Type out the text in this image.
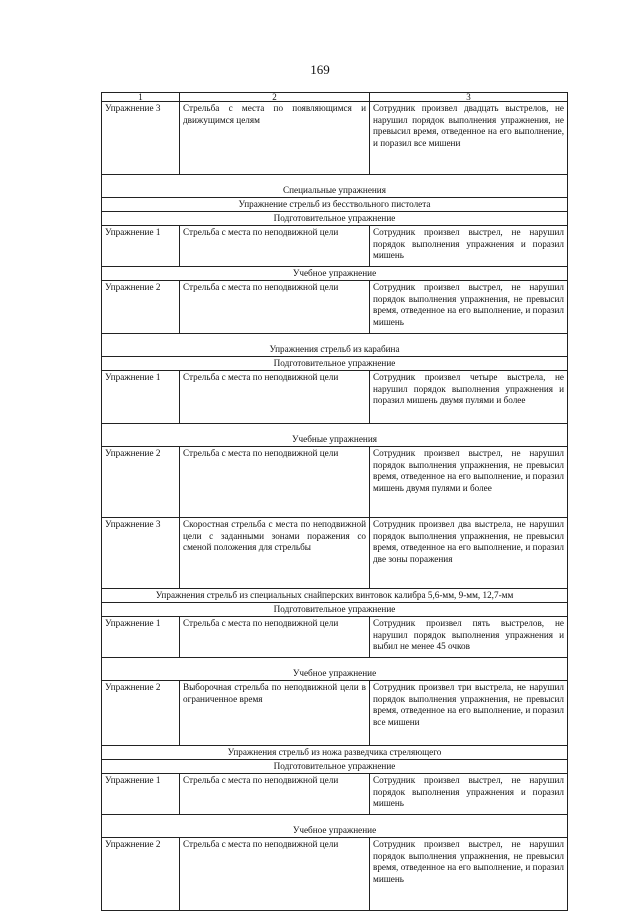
169
1	2	3
Упражнение 3	Стрельба с места по появляющимся и движущимся целям	Сотрудник произвел двадцать выстрелов, не нарушил порядок выполнения упражнения, не превысил время, отведенное на его выполнение, и поразил все мишени
Специальные упражнения		
Упражнение стрельб из бесствольного пистолета		
Подготовительное упражнение		
Упражнение 1	Стрельба с места по неподвижной цели	Сотрудник произвел выстрел, не нарушил порядок выполнения упражнения и поразил мишень
Учебное упражнение		
Упражнение 2	Стрельба с места по неподвижной цели	Сотрудник произвел выстрел, не нарушил порядок выполнения упражнения, не превысил время, отведенное на его выполнение, и поразил мишень
Упражнения стрельб из карабина		
Подготовительное упражнение		
Упражнение 1	Стрельба с места по неподвижной цели	Сотрудник произвел четыре выстрела, не нарушил порядок выполнения упражнения и поразил мишень двумя пулями и более
Учебные упражнения		
Упражнение 2	Стрельба с места по неподвижной цели	Сотрудник произвел выстрел, не нарушил порядок выполнения упражнения, не превысил время, отведенное на его выполнение, и поразил мишень двумя пулями и более
Упражнение 3	Скоростная стрельба с места по неподвижной цели с заданными зонами поражения со сменой положения для стрельбы	Сотрудник произвел два выстрела, не нарушил порядок выполнения упражнения, не превысил время, отведенное на его выполнение, и поразил две зоны поражения
Упражнения стрельб из специальных снайперских винтовок калибра 5,6-мм, 9-мм, 12,7-мм		
Подготовительное упражнение		
Упражнение 1	Стрельба с места по неподвижной цели	Сотрудник произвел пять выстрелов, не нарушил порядок выполнения упражнения и выбил не менее 45 очков
Учебное упражнение		
Упражнение 2	Выборочная стрельба по неподвижной цели в ограниченное время	Сотрудник произвел три выстрела, не нарушил порядок выполнения упражнения, не превысил время, отведенное на его выполнение, и поразил все мишени
Упражнения стрельб из ножа разведчика стреляющего		
Подготовительное упражнение		
Упражнение 1	Стрельба с места по неподвижной цели	Сотрудник произвел выстрел, не нарушил порядок выполнения упражнения и поразил мишень
Учебное упражнение		
Упражнение 2	Стрельба с места по неподвижной цели	Сотрудник произвел выстрел, не нарушил порядок выполнения упражнения, не превысил время, отведенное на его выполнение, и поразил мишень
